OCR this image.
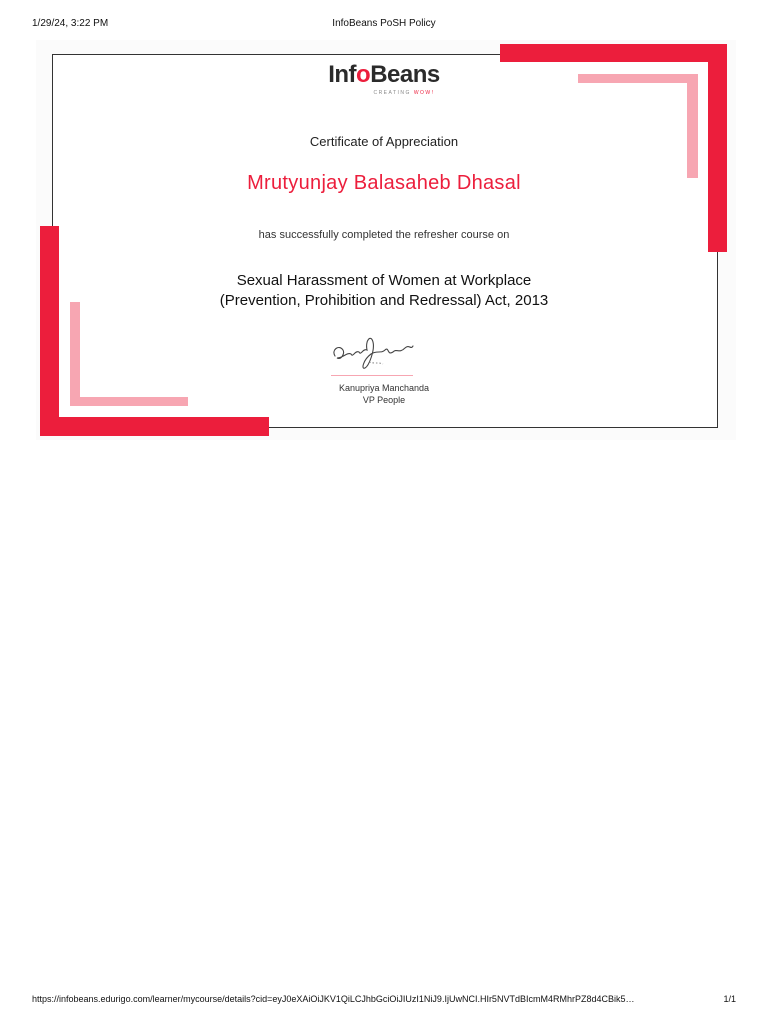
1/29/24, 3:22 PM	InfoBeans PoSH Policy
InfoBeans
CREATING WOW!
Certificate of Appreciation
Mrutyunjay Balasaheb Dhasal
has successfully completed the refresher course on
Sexual Harassment of Women at Workplace
(Prevention, Prohibition and Redressal) Act, 2013
Kanupriya Manchanda
VP People
https://infobeans.edurigo.com/learner/mycourse/details?cid=eyJ0eXAiOiJKV1QiLCJhbGciOiJIUzI1NiJ9.IjUwNCI.HIr5NVTdBIcmM4RMhrPZ8d4CBik5…	1/1
